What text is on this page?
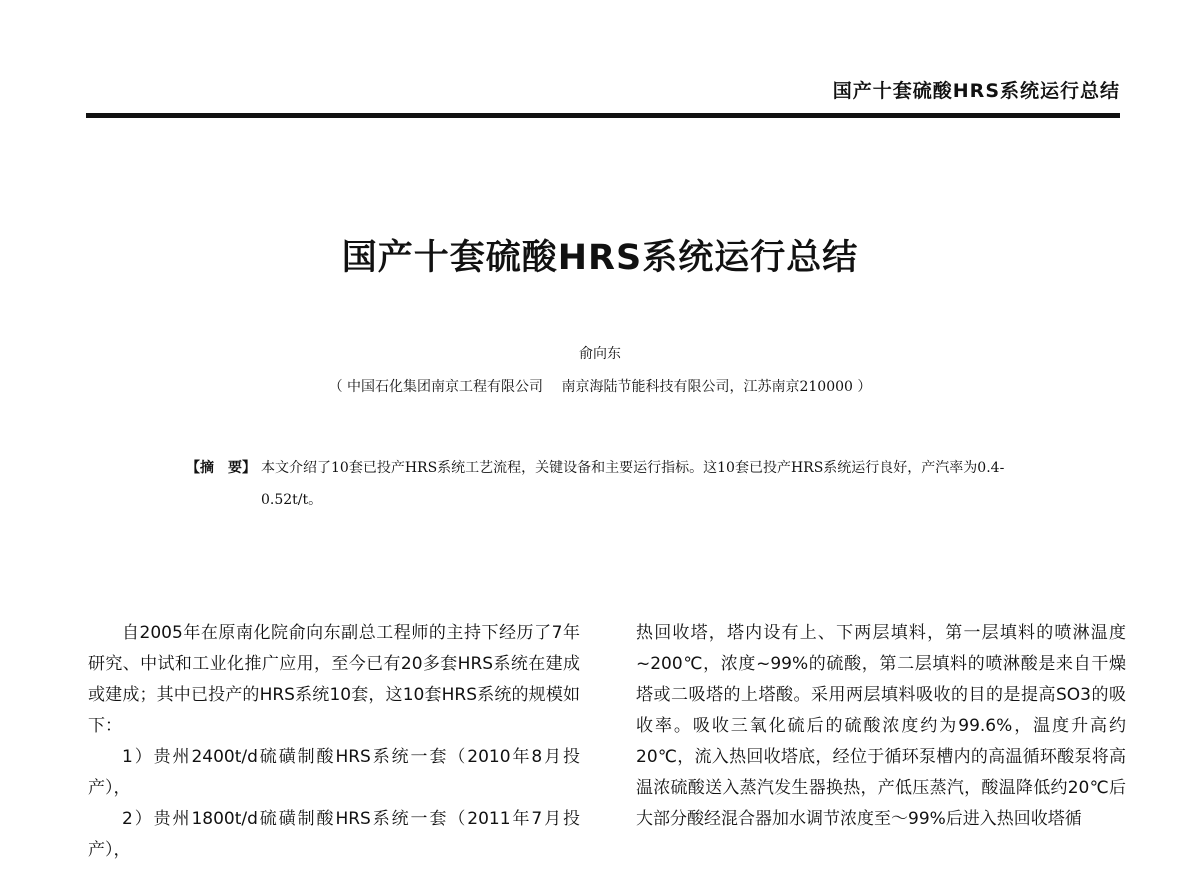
国产十套硫酸HRS系统运行总结
国产十套硫酸HRS系统运行总结
俞向东
（ 中国石化集团南京工程有限公司　 南京海陆节能科技有限公司，江苏南京210000 ）
【摘　要】 本文介绍了10套已投产HRS系统工艺流程，关键设备和主要运行指标。这10套已投产HRS系统运行良好，产汽率为0.4-0.52t/t。

自2005年在原南化院俞向东副总工程师的主持下经历了7年研究、中试和工业化推广应用，至今已有20多套HRS系统在建成或建成；其中已投产的HRS系统10套，这10套HRS系统的规模如下：

1）贵州2400t/d硫磺制酸HRS系统一套（2010年8月投产），

2）贵州1800t/d硫磺制酸HRS系统一套（2011年7月投产），

热回收塔，塔内设有上、下两层填料，第一层填料的喷淋温度~200℃，浓度~99%的硫酸，第二层填料的喷淋酸是来自干燥塔或二吸塔的上塔酸。采用两层填料吸收的目的是提高SO3的吸收率。吸收三氧化硫后的硫酸浓度约为99.6%，温度升高约20℃，流入热回收塔底，经位于循环泵槽内的高温循环酸泵将高温浓硫酸送入蒸汽发生器换热，产低压蒸汽，酸温降低约20℃后大部分酸经混合器加水调节浓度至～99%后进入热回收塔循
